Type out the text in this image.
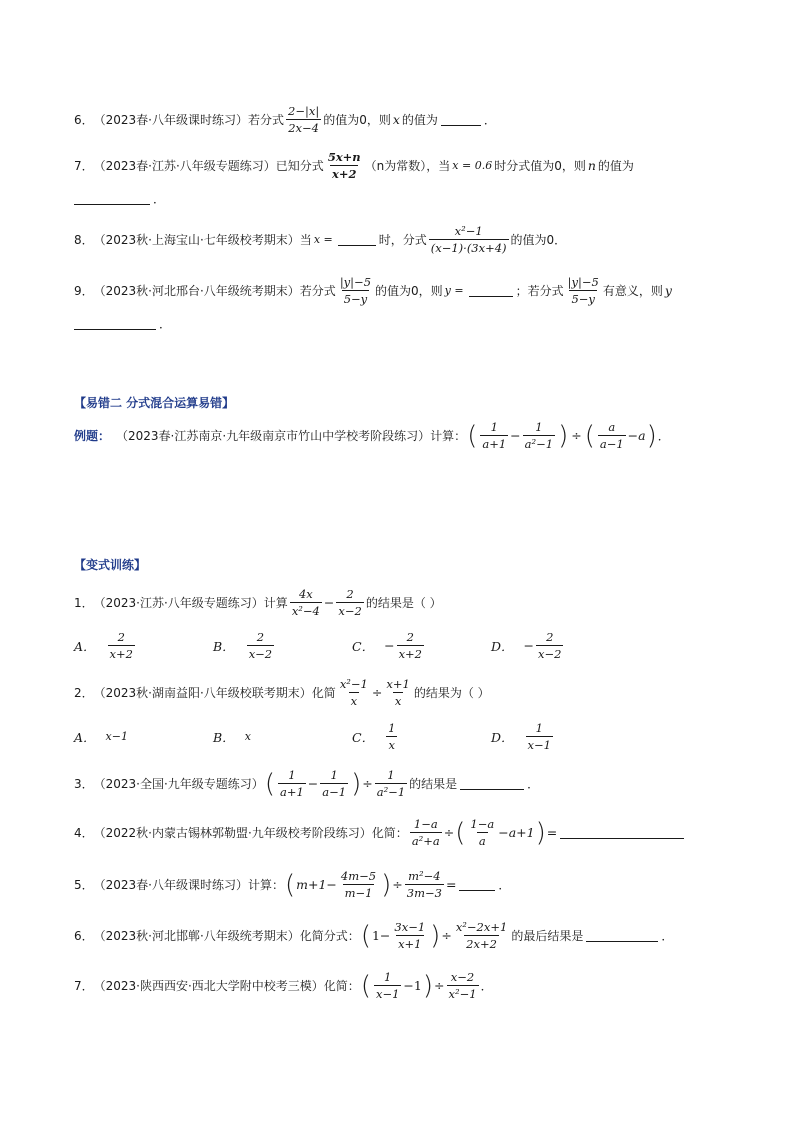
6． （2023春·八年级课时练习）若分式 $\frac{2-|x|}{2x-4}$ 的值为0，则 x 的值为	．
7． （2023春·江苏·八年级专题练习）已知分式 $\frac{5x+n}{x+2} (n$为常数），当 x = 0.6 时分式值为0，则 n 的值为
．
8． （2023秋·上海宝山·七年级校考期末）当 x =	时，分式 $\frac{\text{x²−1}}{(x-1)\cdot(3x+4)}$ 的值为0．
9． （2023秋·河北邢台·八年级统考期末）若分式 $\frac{|y|-5}{5-y}$ 的值为0，则 y =	；若分式 $\frac{|y|-5}{5-y}$ 有意义，则 y
．
【易错二 分式混合运算易错】
例题： （2023春·江苏南京·九年级南京市竹山中学校考阶段练习）计算： ( $\frac{1}{a+1} - \frac{1}{\text{a²−1}}$ ) ÷ ( $\frac{a}{a-1} -a$ ) ．
【变式训练】
1． （2023·江苏·八年级专题练习）计算 $\frac{4x}{\text{x²−4}} - \frac{2}{x-2}$ 的结果是（ ）
A． $\frac{2}{x+2}$	B． $\frac{2}{x-2}$	C． − $\frac{2}{x+2}$	D． − $\frac{2}{x-2}$
2． （2023秋·湖南益阳·八年级校联考期末）化简 $\frac{\text{x²−1}}{x} \div \frac{x+1}{x}$ 的结果为（ ）
A． x−1	B． x	C． $\frac{1}{x}$	D． $\frac{1}{x-1}$
3． （2023·全国·九年级专题练习） ( $\frac{1}{a+1} - \frac{1}{a-1}$ ) ÷ $\frac{1}{\text{a²−1}}$ 的结果是	．
4． （2022秋·内蒙古锡林郭勒盟·九年级校考阶段练习）化简： $\frac{1-a}{\text{a²+a}}$ ÷ ( $\frac{1-a}{a} -a+1$ ) =
5． （2023春·八年级课时练习）计算： ( $m+1- \frac{4m-5}{m-1}$ ) ÷ $\frac{\text{m²−4}}{3m-3}$ =	．
6． （2023秋·河北邯郸·八年级统考期末）化简分式： ( $1- \frac{3x-1}{x+1}$ ) ÷ $\frac{\text{x²−2x+1}}{2x+2}$ 的最后结果是	．
7． （2023·陕西西安·西北大学附中校考三模）化简： ( $\frac{1}{x-1} -1$ ) ÷ $\frac{x-2}{\text{x²−1}}$ ．
